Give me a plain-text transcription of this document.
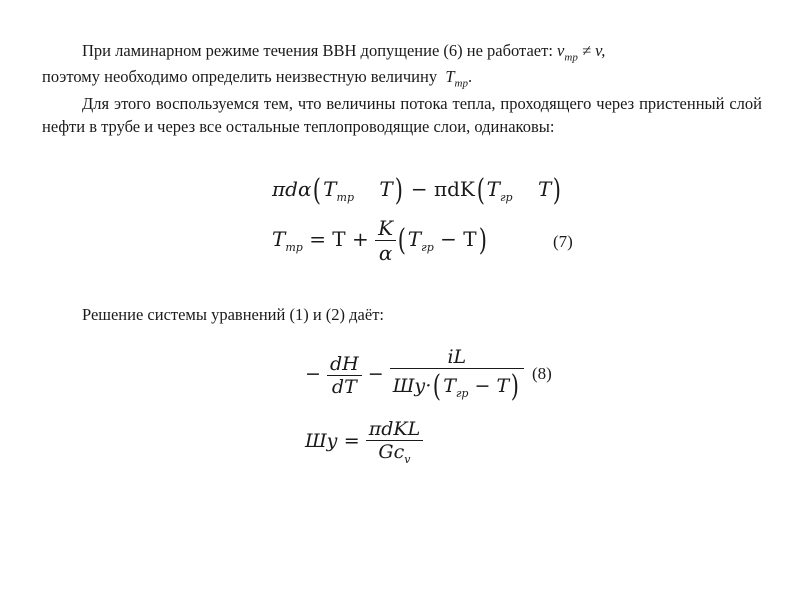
При ламинарном режиме течения ВВН допущение (6) не работает: $v_{тр} \ne v$,

поэтому необходимо определить неизвестную величину $T_{тр}$.

Для этого воспользуемся тем, что величины потока тепла, проходящего через пристенный слой нефти в трубе и через все остальные теплопроводящие слои, одинаковы:

$\pi d\alpha(T_{тр}$    $T) - \pi dK(T_{гр}$    T)
$T_{тр} = T + \frac{K}{\alpha} (T_{гр} - T)$	(7)

Решение системы уравнений (1) и (2) даёт:

− $\frac{dH}{dT} - \frac{iL}{Шу\cdot(T_{гр} - T)} (8)$
Шу = $\frac{\text{πdKL}}{Gc_v}$
